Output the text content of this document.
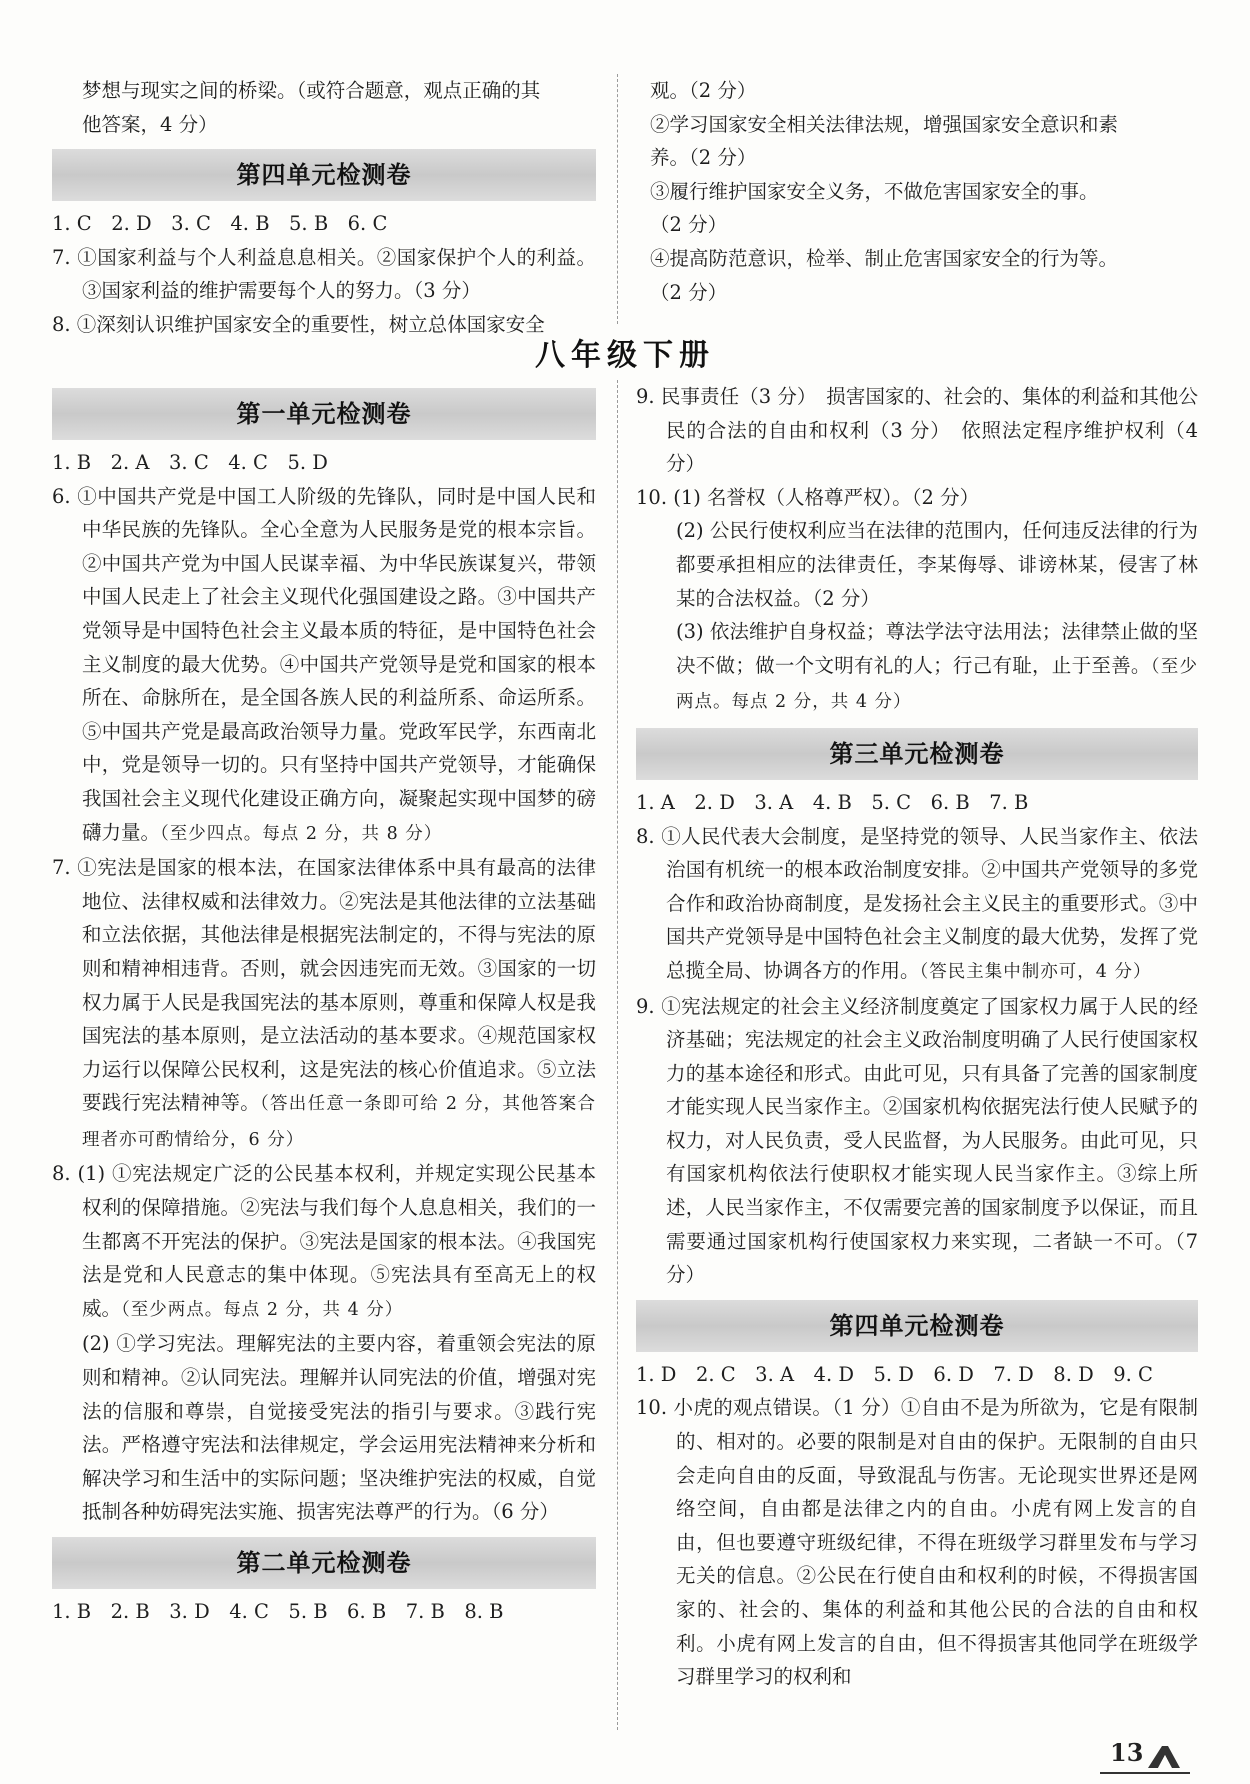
梦想与现实之间的桥梁。（或符合题意，观点正确的其

他答案，4 分）

第四单元检测卷

1. C　2. D　3. C　4. B　5. B　6. C

7. ①国家利益与个人利益息息相关。②国家保护个人的利益。③国家利益的维护需要每个人的努力。（3 分）

8. ①深刻认识维护国家安全的重要性，树立总体国家安全

观。（2 分）

②学习国家安全相关法律法规，增强国家安全意识和素

养。（2 分）

③履行维护国家安全义务，不做危害国家安全的事。

（2 分）

④提高防范意识，检举、制止危害国家安全的行为等。

（2 分）

八年级下册
第一单元检测卷

1. B　2. A　3. C　4. C　5. D

6. ①中国共产党是中国工人阶级的先锋队，同时是中国人民和中华民族的先锋队。全心全意为人民服务是党的根本宗旨。②中国共产党为中国人民谋幸福、为中华民族谋复兴，带领中国人民走上了社会主义现代化强国建设之路。③中国共产党领导是中国特色社会主义最本质的特征，是中国特色社会主义制度的最大优势。④中国共产党领导是党和国家的根本所在、命脉所在，是全国各族人民的利益所系、命运所系。⑤中国共产党是最高政治领导力量。党政军民学，东西南北中，党是领导一切的。只有坚持中国共产党领导，才能确保我国社会主义现代化建设正确方向，凝聚起实现中国梦的磅礴力量。（至少四点。每点 2 分，共 8 分）

7. ①宪法是国家的根本法，在国家法律体系中具有最高的法律地位、法律权威和法律效力。②宪法是其他法律的立法基础和立法依据，其他法律是根据宪法制定的，不得与宪法的原则和精神相违背。否则，就会因违宪而无效。③国家的一切权力属于人民是我国宪法的基本原则，尊重和保障人权是我国宪法的基本原则，是立法活动的基本要求。④规范国家权力运行以保障公民权利，这是宪法的核心价值追求。⑤立法要践行宪法精神等。（答出任意一条即可给 2 分，其他答案合理者亦可酌情给分，6 分）

8. (1) ①宪法规定广泛的公民基本权利，并规定实现公民基本权利的保障措施。②宪法与我们每个人息息相关，我们的一生都离不开宪法的保护。③宪法是国家的根本法。④我国宪法是党和人民意志的集中体现。⑤宪法具有至高无上的权威。（至少两点。每点 2 分，共 4 分）

(2) ①学习宪法。理解宪法的主要内容，着重领会宪法的原则和精神。②认同宪法。理解并认同宪法的价值，增强对宪法的信服和尊崇，自觉接受宪法的指引与要求。③践行宪法。严格遵守宪法和法律规定，学会运用宪法精神来分析和解决学习和生活中的实际问题；坚决维护宪法的权威，自觉抵制各种妨碍宪法实施、损害宪法尊严的行为。（6 分）

第二单元检测卷

1. B　2. B　3. D　4. C　5. B　6. B　7. B　8. B

9. 民事责任（3 分）　损害国家的、社会的、集体的利益和其他公民的合法的自由和权利（3 分）　依照法定程序维护权利（4 分）

10. (1) 名誉权（人格尊严权）。（2 分）

(2) 公民行使权利应当在法律的范围内，任何违反法律的行为都要承担相应的法律责任，李某侮辱、诽谤林某，侵害了林某的合法权益。（2 分）

(3) 依法维护自身权益；尊法学法守法用法；法律禁止做的坚决不做；做一个文明有礼的人；行己有耻，止于至善。（至少两点。每点 2 分，共 4 分）

第三单元检测卷

1. A　2. D　3. A　4. B　5. C　6. B　7. B

8. ①人民代表大会制度，是坚持党的领导、人民当家作主、依法治国有机统一的根本政治制度安排。②中国共产党领导的多党合作和政治协商制度，是发扬社会主义民主的重要形式。③中国共产党领导是中国特色社会主义制度的最大优势，发挥了党总揽全局、协调各方的作用。（答民主集中制亦可，4 分）

9. ①宪法规定的社会主义经济制度奠定了国家权力属于人民的经济基础；宪法规定的社会主义政治制度明确了人民行使国家权力的基本途径和形式。由此可见，只有具备了完善的国家制度才能实现人民当家作主。②国家机构依据宪法行使人民赋予的权力，对人民负责，受人民监督，为人民服务。由此可见，只有国家机构依法行使职权才能实现人民当家作主。③综上所述，人民当家作主，不仅需要完善的国家制度予以保证，而且需要通过国家机构行使国家权力来实现，二者缺一不可。（7 分）

第四单元检测卷

1. D　2. C　3. A　4. D　5. D　6. D　7. D　8. D　9. C

10. 小虎的观点错误。（1 分）①自由不是为所欲为，它是有限制的、相对的。必要的限制是对自由的保护。无限制的自由只会走向自由的反面，导致混乱与伤害。无论现实世界还是网络空间，自由都是法律之内的自由。小虎有网上发言的自由，但也要遵守班级纪律，不得在班级学习群里发布与学习无关的信息。②公民在行使自由和权利的时候，不得损害国家的、社会的、集体的利益和其他公民的合法的自由和权利。小虎有网上发言的自由，但不得损害其他同学在班级学习群里学习的权利和

13
